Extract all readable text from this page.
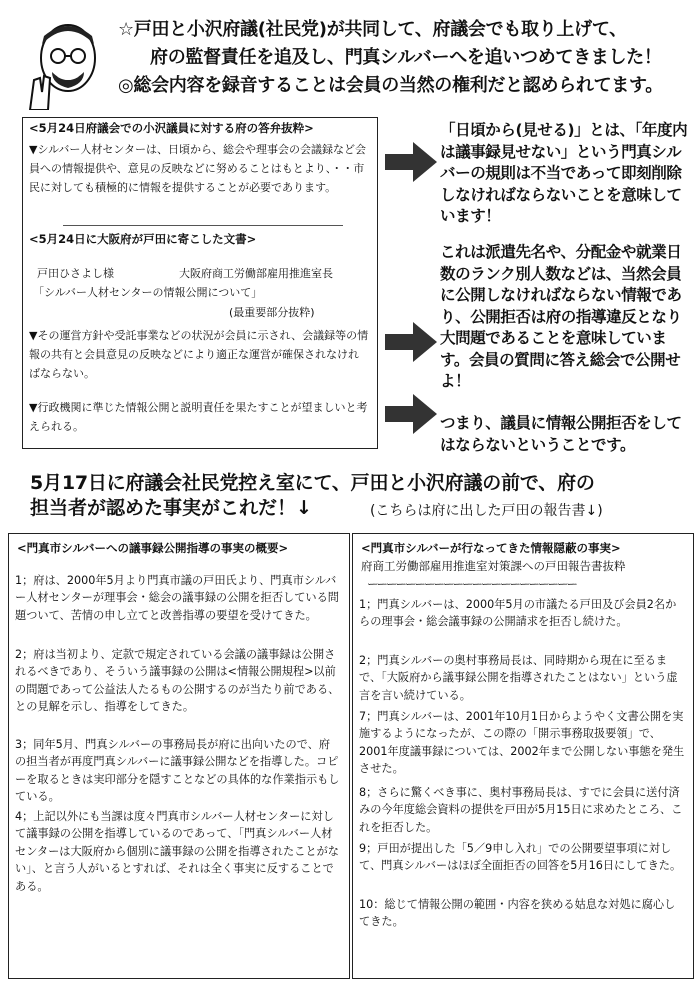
☆戸田と小沢府議(社民党)が共同して、府議会でも取り上げて、
府の監督責任を追及し、門真シルバーへを追いつめてきました！
◎総会内容を録音することは会員の当然の権利だと認められてます。
<5月24日府議会での小沢議員に対する府の答弁抜粋>
▼シルバー人材センターは、日頃から、総会や理事会の会議録など会員への情報提供や、意見の反映などに努めることはもとより、・・市民に対しても積極的に情報を提供することが必要であります。
<5月24日に大阪府が戸田に寄こした文書>
戸田ひさよし様	大阪府商工労働部雇用推進室長
「シルバー人材センターの情報公開について」
(最重要部分抜粋)
▼その運営方針や受託事業などの状況が会員に示され、会議録等の情報の共有と会員意見の反映などにより適正な運営が確保されなければならない。
▼行政機関に準じた情報公開と説明責任を果たすことが望ましいと考えられる。
「日頃から(見せる)」とは、「年度内は議事録見せない」という門真シルバーの規則は不当であって即刻削除しなければならないことを意味しています！
これは派遣先名や、分配金や就業日数のランク別人数などは、当然会員に公開しなければならない情報であり、公開拒否は府の指導違反となり大問題であることを意味しています。会員の質問に答え総会で公開せよ！
つまり、議員に情報公開拒否をしてはならないということです。
5月17日に府議会社民党控え室にて、戸田と小沢府議の前で、府の
担当者が認めた事実がこれだ！↓	(こちらは府に出した戸田の報告書↓)
<門真市シルバーへの議事録公開指導の事実の概要>
1；府は、2000年5月より門真市議の戸田氏より、門真市シルバー人材センターが理事会・総会の議事録の公開を拒否している問題ついて、苦情の申し立てと改善指導の要望を受けてきた。
2；府は当初より、定款で規定されている会議の議事録は公開されるべきであり、そういう議事録の公開は<情報公開規程>以前の問題であって公益法人たるもの公開するのが当たり前である、との見解を示し、指導をしてきた。
3；同年5月、門真シルバーの事務局長が府に出向いたので、府の担当者が再度門真シルバーに議事録公開などを指導した。コピーを取るときは実印部分を隠すことなどの具体的な作業指示もしている。
4；上記以外にも当課は度々門真市シルバー人材センターに対して議事録の公開を指導しているのであって、「門真シルバー人材センターは大阪府から個別に議事録の公開を指導されたことがない」、と言う人がいるとすれば、それは全く事実に反することである。
<門真市シルバーが行なってきた情報隠蔽の事実>
府商工労働部雇用推進室対策課への戸田報告書抜粋
ーーーーーーーーーーーーーーーーーーーーーー
1；門真シルバーは、2000年5月の市議たる戸田及び会員2名からの理事会・総会議事録の公開請求を拒否し続けた。
2；門真シルバーの奥村事務局長は、同時期から現在に至るまで、「大阪府から議事録公開を指導されたことはない」という虚言を言い続けている。
7；門真シルバーは、2001年10月1日からようやく文書公開を実施するようになったが、この際の「開示事務取扱要領」で、2001年度議事録については、2002年まで公開しない事態を発生させた。
8；さらに驚くべき事に、奥村事務局長は、すでに会員に送付済みの今年度総会資料の提供を戸田が5月15日に求めたところ、これを拒否した。
9；戸田が提出した「5／9申し入れ」での公開要望事項に対して、門真シルバーはほぼ全面拒否の回答を5月16日にしてきた。
10：総じて情報公開の範囲・内容を狭める姑息な対処に腐心してきた。
